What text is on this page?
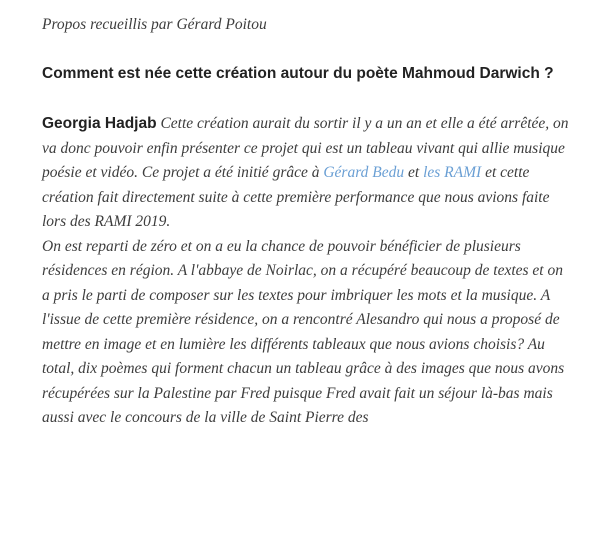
Propos recueillis par Gérard Poitou

Comment est née cette création autour du poète Mahmoud Darwich ?

Georgia Hadjab Cette création aurait du sortir il y a un an et elle a été arrêtée, on va donc pouvoir enfin présenter ce projet qui est un tableau vivant qui allie musique poésie et vidéo. Ce projet a été initié grâce à Gérard Bedu et les RAMI et cette création fait directement suite à cette première performance que nous avions faite lors des RAMI 2019.

On est reparti de zéro et on a eu la chance de pouvoir bénéficier de plusieurs résidences en région. A l'abbaye de Noirlac, on a récupéré beaucoup de textes et on a pris le parti de composer sur les textes pour imbriquer les mots et la musique. A l'issue de cette première résidence, on a rencontré Alesandro qui nous a proposé de mettre en image et en lumière les différents tableaux que nous avions choisis? Au total, dix poèmes qui forment chacun un tableau grâce à des images que nous avons récupérées sur la Palestine par Fred puisque Fred avait fait un séjour là-bas mais aussi avec le concours de la ville de Saint Pierre des
